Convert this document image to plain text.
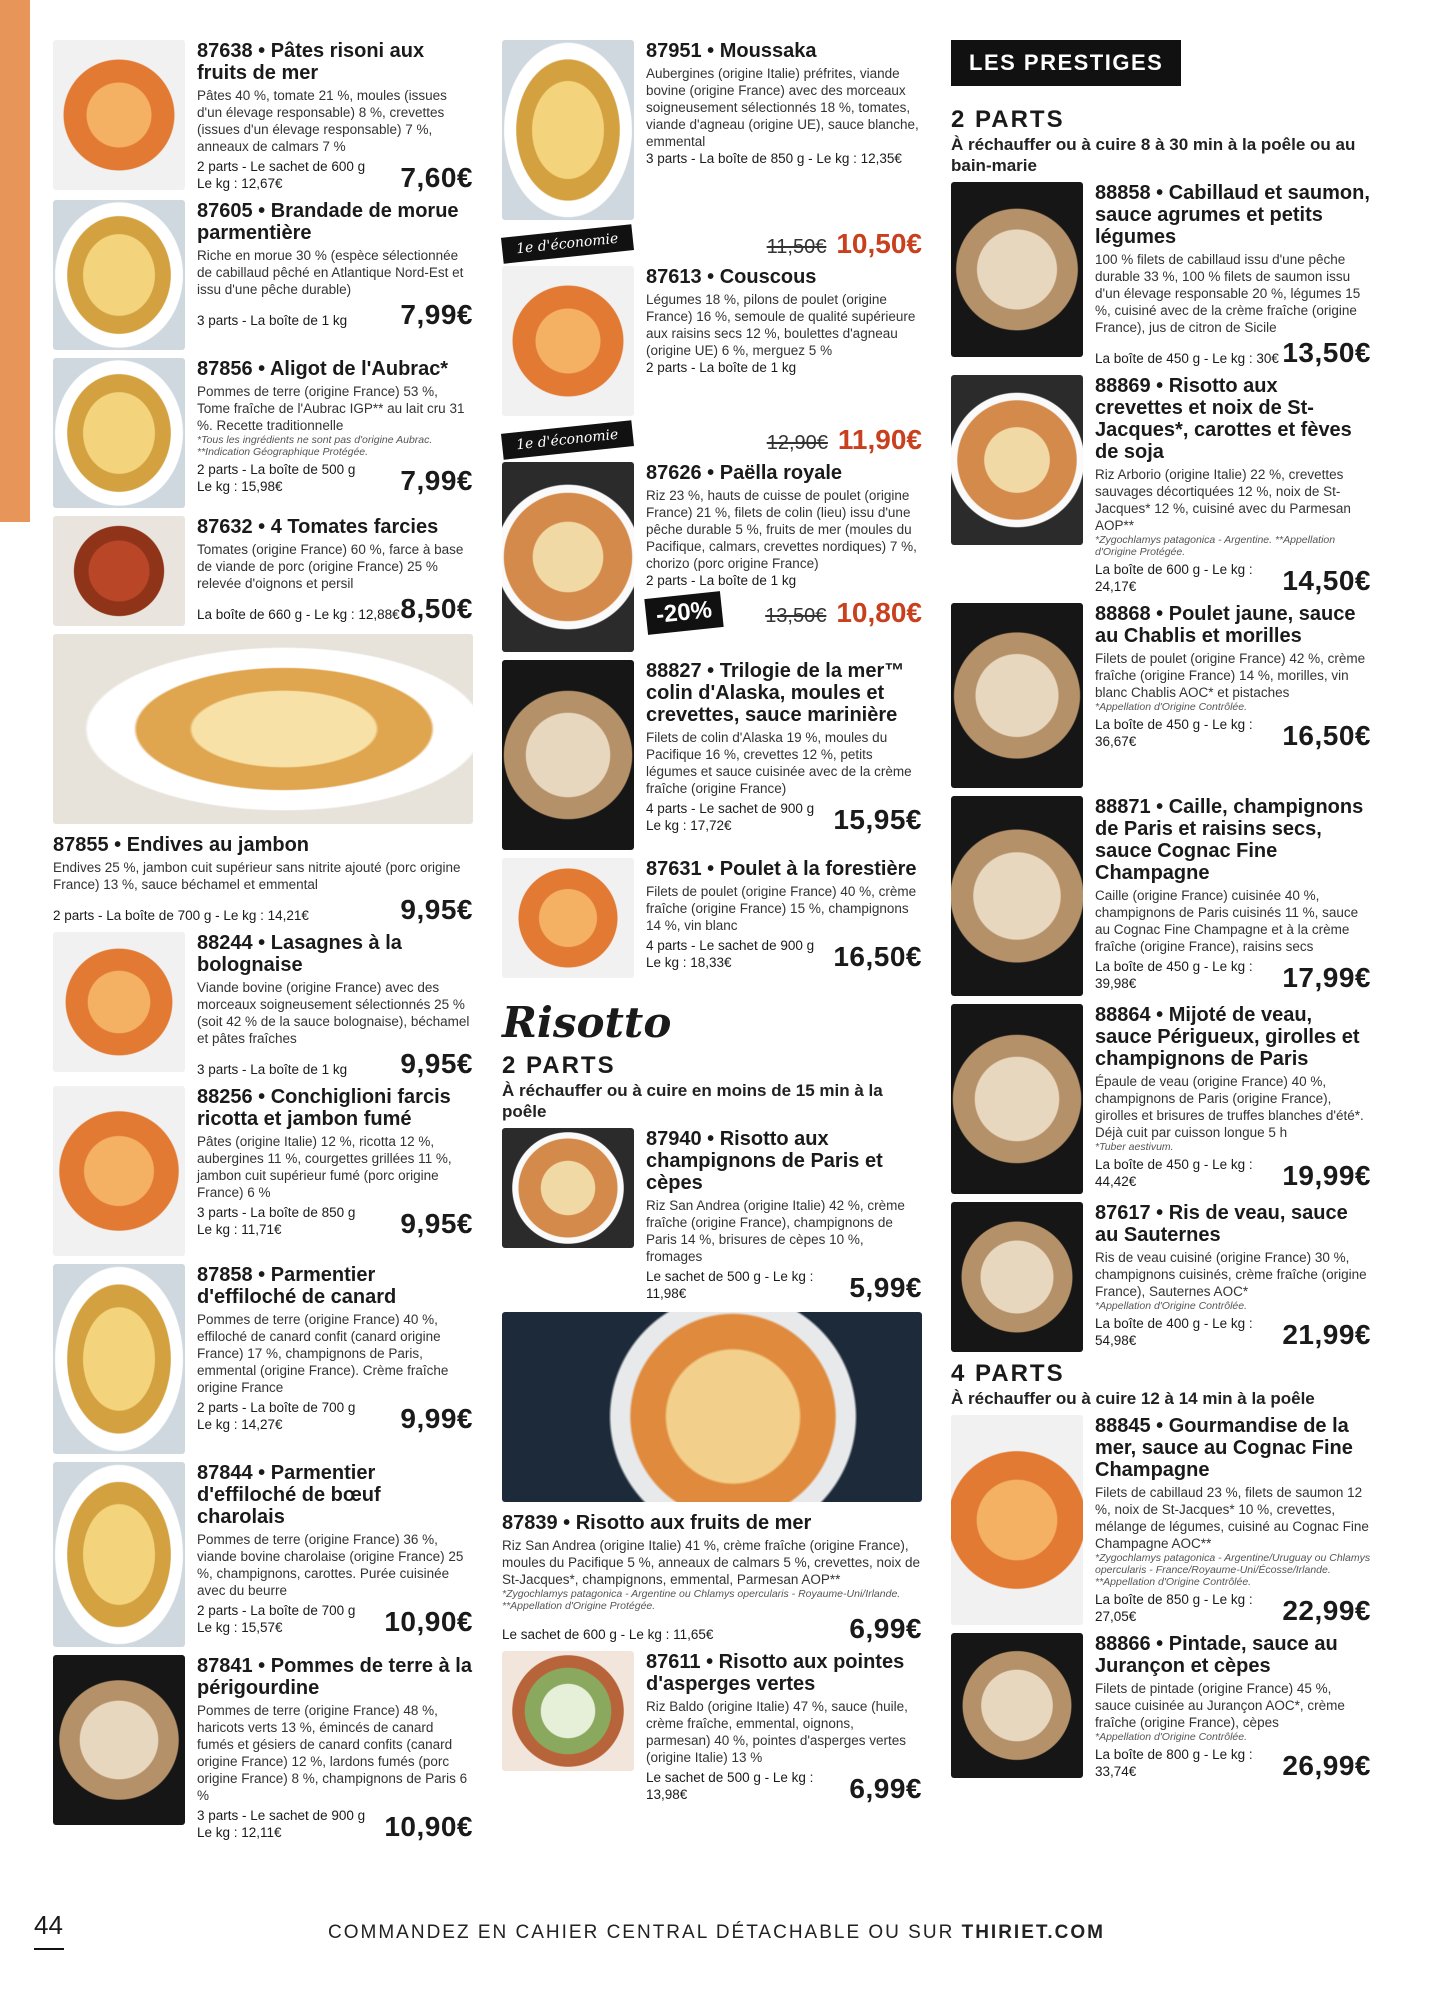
87638 • Pâtes risoni aux fruits de mer
Pâtes 40 %, tomate 21 %, moules (issues d'un élevage responsable) 8 %, crevettes (issues d'un élevage responsable) 7 %, anneaux de calmars 7 %
2 parts - Le sachet de 600 g
Le kg : 12,67€	7,60€
87605 • Brandade de morue parmentière
Riche en morue 30 % (espèce sélectionnée de cabillaud pêché en Atlantique Nord-Est et issu d'une pêche durable)
3 parts - La boîte de 1 kg 7,99€
87856 • Aligot de l'Aubrac*
Pommes de terre (origine France) 53 %, Tome fraîche de l'Aubrac IGP** au lait cru 31 %. Recette traditionnelle
*Tous les ingrédients ne sont pas d'origine Aubrac. **Indication Géographique Protégée.
2 parts - La boîte de 500 g
Le kg : 15,98€	7,99€
87632 • 4 Tomates farcies
Tomates (origine France) 60 %, farce à base de viande de porc (origine France) 25 % relevée d'oignons et persil
La boîte de 660 g - Le kg : 12,88€ 8,50€
87855 • Endives au jambon
Endives 25 %, jambon cuit supérieur sans nitrite ajouté (porc origine France) 13 %, sauce béchamel et emmental
2 parts - La boîte de 700 g - Le kg : 14,21€	9,95€
88244 • Lasagnes à la bolognaise
Viande bovine (origine France) avec des morceaux soigneusement sélectionnés 25 % (soit 42 % de la sauce bolognaise), béchamel et pâtes fraîches
3 parts - La boîte de 1 kg 9,95€
88256 • Conchiglioni farcis ricotta et jambon fumé
Pâtes (origine Italie) 12 %, ricotta 12 %, aubergines 11 %, courgettes grillées 11 %, jambon cuit supérieur fumé (porc origine France) 6 %
3 parts - La boîte de 850 g
Le kg : 11,71€	9,95€
87858 • Parmentier d'effiloché de canard
Pommes de terre (origine France) 40 %, effiloché de canard confit (canard origine France) 17 %, champignons de Paris, emmental (origine France). Crème fraîche origine France
2 parts - La boîte de 700 g
Le kg : 14,27€	9,99€
87844 • Parmentier d'effiloché de bœuf charolais
Pommes de terre (origine France) 36 %, viande bovine charolaise (origine France) 25 %, champignons, carottes. Purée cuisinée avec du beurre
2 parts - La boîte de 700 g
Le kg : 15,57€	10,90€
87841 • Pommes de terre à la périgourdine
Pommes de terre (origine France) 48 %, haricots verts 13 %, émincés de canard fumés et gésiers de canard confits (canard origine France) 12 %, lardons fumés (porc origine France) 8 %, champignons de Paris 6 %
3 parts - Le sachet de 900 g
Le kg : 12,11€	10,90€
87951 • Moussaka
Aubergines (origine Italie) préfrites, viande bovine (origine France) avec des morceaux soigneusement sélectionnés 18 %, tomates, viande d'agneau (origine UE), sauce blanche, emmental
3 parts - La boîte de 850 g - Le kg : 12,35€
1e d'économie	11,50€ 10,50€
87613 • Couscous
Légumes 18 %, pilons de poulet (origine France) 16 %, semoule de qualité supérieure aux raisins secs 12 %, boulettes d'agneau (origine UE) 6 %, merguez 5 %
2 parts - La boîte de 1 kg
1e d'économie	12,90€ 11,90€
87626 • Paëlla royale
Riz 23 %, hauts de cuisse de poulet (origine France) 21 %, filets de colin (lieu) issu d'une pêche durable 5 %, fruits de mer (moules du Pacifique, calmars, crevettes nordiques) 7 %, chorizo (porc origine France)
2 parts - La boîte de 1 kg
-20%	13,50€ 10,80€
88827 • Trilogie de la mer™ colin d'Alaska, moules et crevettes, sauce marinière
Filets de colin d'Alaska 19 %, moules du Pacifique 16 %, crevettes 12 %, petits légumes et sauce cuisinée avec de la crème fraîche (origine France)
4 parts - Le sachet de 900 g
Le kg : 17,72€	15,95€
87631 • Poulet à la forestière
Filets de poulet (origine France) 40 %, crème fraîche (origine France) 15 %, champignons 14 %, vin blanc
4 parts - Le sachet de 900 g
Le kg : 18,33€	16,50€
Risotto
2 PARTS
À réchauffer ou à cuire en moins de 15 min à la poêle
87940 • Risotto aux champignons de Paris et cèpes
Riz San Andrea (origine Italie) 42 %, crème fraîche (origine France), champignons de Paris 14 %, brisures de cèpes 10 %, fromages
Le sachet de 500 g - Le kg : 11,98€	5,99€
87839 • Risotto aux fruits de mer
Riz San Andrea (origine Italie) 41 %, crème fraîche (origine France), moules du Pacifique 5 %, anneaux de calmars 5 %, crevettes, noix de St-Jacques*, champignons, emmental, Parmesan AOP**
*Zygochlamys patagonica - Argentine ou Chlamys opercularis - Royaume-Uni/Irlande. **Appellation d'Origine Protégée.
Le sachet de 600 g - Le kg : 11,65€	6,99€
87611 • Risotto aux pointes d'asperges vertes
Riz Baldo (origine Italie) 47 %, sauce (huile, crème fraîche, emmental, oignons, parmesan) 40 %, pointes d'asperges vertes (origine Italie) 13 %
Le sachet de 500 g - Le kg : 13,98€	6,99€
LES PRESTIGES
2 PARTS
À réchauffer ou à cuire 8 à 30 min à la poêle ou au bain-marie
88858 • Cabillaud et saumon, sauce agrumes et petits légumes
100 % filets de cabillaud issu d'une pêche durable 33 %, 100 % filets de saumon issu d'un élevage responsable 20 %, légumes 15 %, cuisiné avec de la crème fraîche (origine France), jus de citron de Sicile
La boîte de 450 g - Le kg : 30€ 13,50€
88869 • Risotto aux crevettes et noix de St-Jacques*, carottes et fèves de soja
Riz Arborio (origine Italie) 22 %, crevettes sauvages décortiquées 12 %, noix de St-Jacques* 12 %, cuisiné avec du Parmesan AOP**
*Zygochlamys patagonica - Argentine. **Appellation d'Origine Protégée.
La boîte de 600 g - Le kg : 24,17€	14,50€
88868 • Poulet jaune, sauce au Chablis et morilles
Filets de poulet (origine France) 42 %, crème fraîche (origine France) 14 %, morilles, vin blanc Chablis AOC* et pistaches
*Appellation d'Origine Contrôlée.
La boîte de 450 g - Le kg : 36,67€	16,50€
88871 • Caille, champignons de Paris et raisins secs, sauce Cognac Fine Champagne
Caille (origine France) cuisinée 40 %, champignons de Paris cuisinés 11 %, sauce au Cognac Fine Champagne et à la crème fraîche (origine France), raisins secs
La boîte de 450 g - Le kg : 39,98€	17,99€
88864 • Mijoté de veau, sauce Périgueux, girolles et champignons de Paris
Épaule de veau (origine France) 40 %, champignons de Paris (origine France), girolles et brisures de truffes blanches d'été*. Déjà cuit par cuisson longue 5 h
*Tuber aestivum.
La boîte de 450 g - Le kg : 44,42€	19,99€
87617 • Ris de veau, sauce au Sauternes
Ris de veau cuisiné (origine France) 30 %, champignons cuisinés, crème fraîche (origine France), Sauternes AOC*
*Appellation d'Origine Contrôlée.
La boîte de 400 g - Le kg : 54,98€	21,99€
4 PARTS
À réchauffer ou à cuire 12 à 14 min à la poêle
88845 • Gourmandise de la mer, sauce au Cognac Fine Champagne
Filets de cabillaud 23 %, filets de saumon 12 %, noix de St-Jacques* 10 %, crevettes, mélange de légumes, cuisiné au Cognac Fine Champagne AOC**
*Zygochlamys patagonica - Argentine/Uruguay ou Chlamys opercularis - France/Royaume-Uni/Écosse/Irlande. **Appellation d'Origine Contrôlée.
La boîte de 850 g - Le kg : 27,05€	22,99€
88866 • Pintade, sauce au Jurançon et cèpes
Filets de pintade (origine France) 45 %, sauce cuisinée au Jurançon AOC*, crème fraîche (origine France), cèpes
*Appellation d'Origine Contrôlée.
La boîte de 800 g - Le kg : 33,74€	26,99€
44	COMMANDEZ EN CAHIER CENTRAL DÉTACHABLE OU SUR THIRIET.COM
